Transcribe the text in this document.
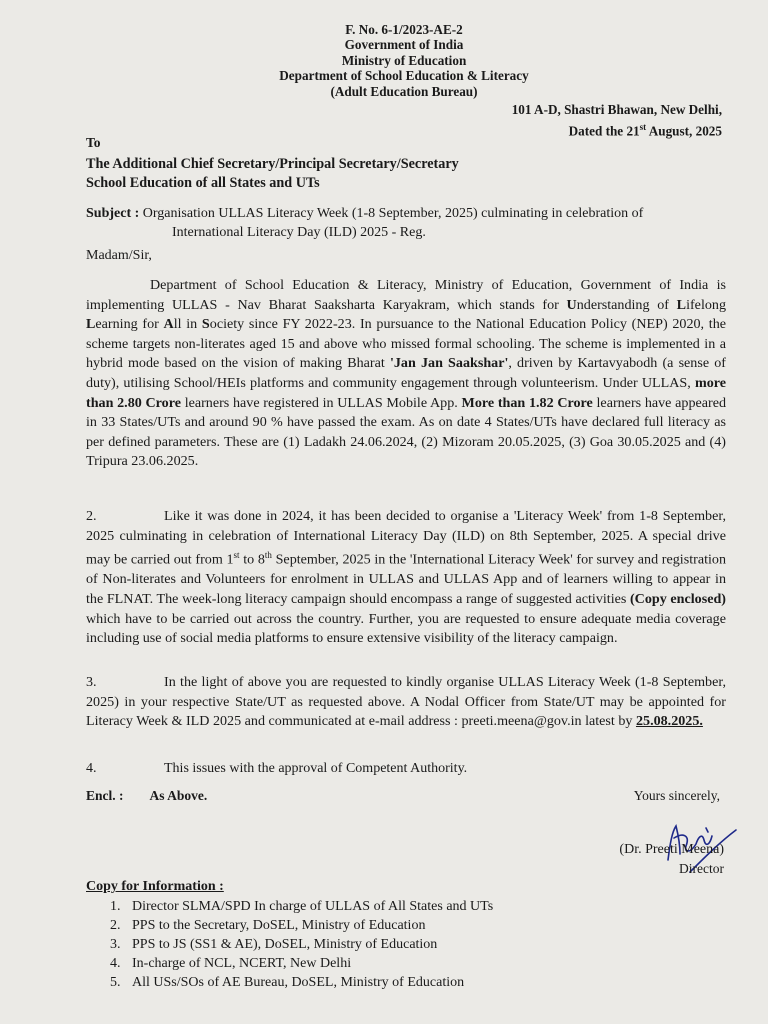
F. No. 6-1/2023-AE-2
Government of India
Ministry of Education
Department of School Education & Literacy
(Adult Education Bureau)
101 A-D, Shastri Bhawan, New Delhi,
Dated the 21st August, 2025
To
The Additional Chief Secretary/Principal Secretary/Secretary
School Education of all States and UTs
Subject : Organisation ULLAS Literacy Week (1-8 September, 2025) culminating in celebration of
International Literacy Day (ILD) 2025 - Reg.
Madam/Sir,
Department of School Education & Literacy, Ministry of Education, Government of India is implementing ULLAS - Nav Bharat Saaksharta Karyakram, which stands for Understanding of Lifelong Learning for All in Society since FY 2022-23. In pursuance to the National Education Policy (NEP) 2020, the scheme targets non-literates aged 15 and above who missed formal schooling. The scheme is implemented in a hybrid mode based on the vision of making Bharat 'Jan Jan Saakshar', driven by Kartavyabodh (a sense of duty), utilising School/HEIs platforms and community engagement through volunteerism. Under ULLAS, more than 2.80 Crore learners have registered in ULLAS Mobile App. More than 1.82 Crore learners have appeared in 33 States/UTs and around 90 % have passed the exam. As on date 4 States/UTs have declared full literacy as per defined parameters. These are (1) Ladakh 24.06.2024, (2) Mizoram 20.05.2025, (3) Goa 30.05.2025 and (4) Tripura 23.06.2025.
2.	Like it was done in 2024, it has been decided to organise a 'Literacy Week' from 1-8 September, 2025 culminating in celebration of International Literacy Day (ILD) on 8th September, 2025. A special drive may be carried out from 1st to 8th September, 2025 in the 'International Literacy Week' for survey and registration of Non-literates and Volunteers for enrolment in ULLAS and ULLAS App and of learners willing to appear in the FLNAT. The week-long literacy campaign should encompass a range of suggested activities (Copy enclosed) which have to be carried out across the country. Further, you are requested to ensure adequate media coverage including use of social media platforms to ensure extensive visibility of the literacy campaign.
3.	In the light of above you are requested to kindly organise ULLAS Literacy Week (1-8 September, 2025) in your respective State/UT as requested above. A Nodal Officer from State/UT may be appointed for Literacy Week & ILD 2025 and communicated at e-mail address : preeti.meena@gov.in latest by 25.08.2025.
4.	This issues with the approval of Competent Authority.
Encl. : As Above.	Yours sincerely,
(Dr. Preeti Meena)
Director
Copy for Information :
1. Director SLMA/SPD In charge of ULLAS of All States and UTs
2. PPS to the Secretary, DoSEL, Ministry of Education
3. PPS to JS (SS1 & AE), DoSEL, Ministry of Education
4. In-charge of NCL, NCERT, New Delhi
5. All USs/SOs of AE Bureau, DoSEL, Ministry of Education
